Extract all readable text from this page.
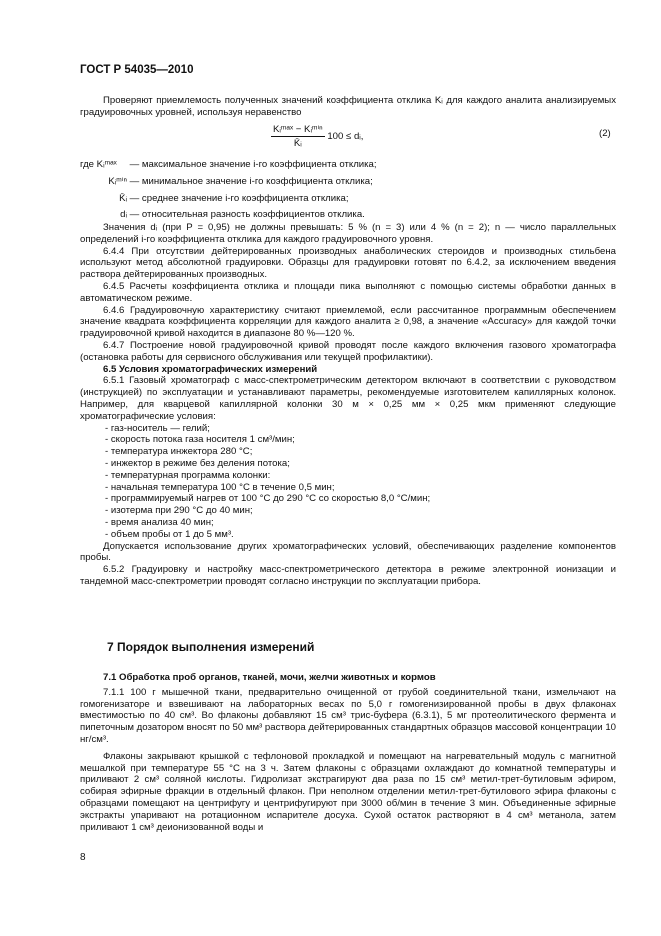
ГОСТ Р 54035—2010

Проверяют приемлемость полученных значений коэффициента отклика Kᵢ для каждого аналита анализируемых градуировочных уровней, используя неравенство

$\frac{\text{Kᵢᵐᵃˣ − Kᵢᵐⁱⁿ}}{\text{K̄ᵢ}} 100$ ≤ dᵢ,	(2)
где Kᵢᵐᵃˣ — максимальное значение i-го коэффициента отклика;
Kᵢᵐⁱⁿ — минимальное значение i-го коэффициента отклика;
K̄ᵢ — среднее значение i-го коэффициента отклика;
dᵢ — относительная разность коэффициентов отклика.

Значения dᵢ (при P = 0,95) не должны превышать: 5 % (n = 3) или 4 % (n = 2); n — число параллельных определений i-го коэффициента отклика для каждого градуировочного уровня.

6.4.4 При отсутствии дейтерированных производных анаболических стероидов и производных стильбена используют метод абсолютной градуировки. Образцы для градуировки готовят по 6.4.2, за исключением введения раствора дейтерированных производных.

6.4.5 Расчеты коэффициента отклика и площади пика выполняют с помощью системы обработки данных в автоматическом режиме.

6.4.6 Градуировочную характеристику считают приемлемой, если рассчитанное программным обеспечением значение квадрата коэффициента корреляции для каждого аналита ≥ 0,98, а значение «Accuracy» для каждой точки градуировочной кривой находится в диапазоне 80 %—120 %.

6.4.7 Построение новой градуировочной кривой проводят после каждого включения газового хроматографа (остановка работы для сервисного обслуживания или текущей профилактики).

6.5 Условия хроматографических измерений

6.5.1 Газовый хроматограф с масс-спектрометрическим детектором включают в соответствии с руководством (инструкцией) по эксплуатации и устанавливают параметры, рекомендуемые изготовителем капиллярных колонок. Например, для кварцевой капиллярной колонки 30 м × 0,25 мм × 0,25 мкм применяют следующие хроматографические условия:

- газ-носитель — гелий;

- скорость потока газа носителя 1 см³/мин;

- температура инжектора 280 °С;

- инжектор в режиме без деления потока;

- температурная программа колонки:

- начальная температура 100 °С в течение 0,5 мин;

- программируемый нагрев от 100 °С до 290 °С со скоростью 8,0 °С/мин;

- изотерма при 290 °С до 40 мин;

- время анализа 40 мин;

- объем пробы от 1 до 5 мм³.

Допускается использование других хроматографических условий, обеспечивающих разделение компонентов пробы.

6.5.2 Градуировку и настройку масс-спектрометрического детектора в режиме электронной ионизации и тандемной масс-спектрометрии проводят согласно инструкции по эксплуатации прибора.

7 Порядок выполнения измерений

7.1 Обработка проб органов, тканей, мочи, желчи животных и кормов

7.1.1 100 г мышечной ткани, предварительно очищенной от грубой соединительной ткани, измельчают на гомогенизаторе и взвешивают на лабораторных весах по 5,0 г гомогенизированной пробы в двух флаконах вместимостью по 40 см³. Во флаконы добавляют 15 см³ трис-буфера (6.3.1), 5 мг протеолитического фермента и пипеточным дозатором вносят по 50 мм³ раствора дейтерированных стандартных образцов массовой концентрации 10 нг/см³.

Флаконы закрывают крышкой с тефлоновой прокладкой и помещают на нагревательный модуль с магнитной мешалкой при температуре 55 °С на 3 ч. Затем флаконы с образцами охлаждают до комнатной температуры и приливают 2 см³ соляной кислоты. Гидролизат экстрагируют два раза по 15 см³ метил-трет-бутиловым эфиром, собирая эфирные фракции в отдельный флакон. При неполном отделении метил-трет-бутилового эфира флаконы с образцами помещают на центрифугу и центрифугируют при 3000 об/мин в течение 3 мин. Объединенные эфирные экстракты упаривают на ротационном испарителе досуха. Сухой остаток растворяют в 4 см³ метанола, затем приливают 1 см³ деионизованной воды и

8
